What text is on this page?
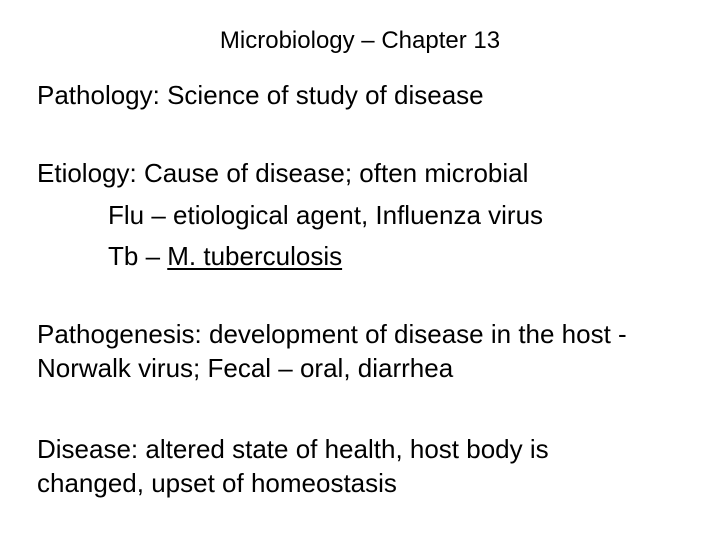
Microbiology – Chapter 13
Pathology: Science of study of disease
Etiology: Cause of disease; often microbial
Flu – etiological agent, Influenza virus
Tb – M. tuberculosis
Pathogenesis: development of disease in the host -
Norwalk virus; Fecal – oral, diarrhea
Disease: altered state of health, host body is
changed, upset of homeostasis
